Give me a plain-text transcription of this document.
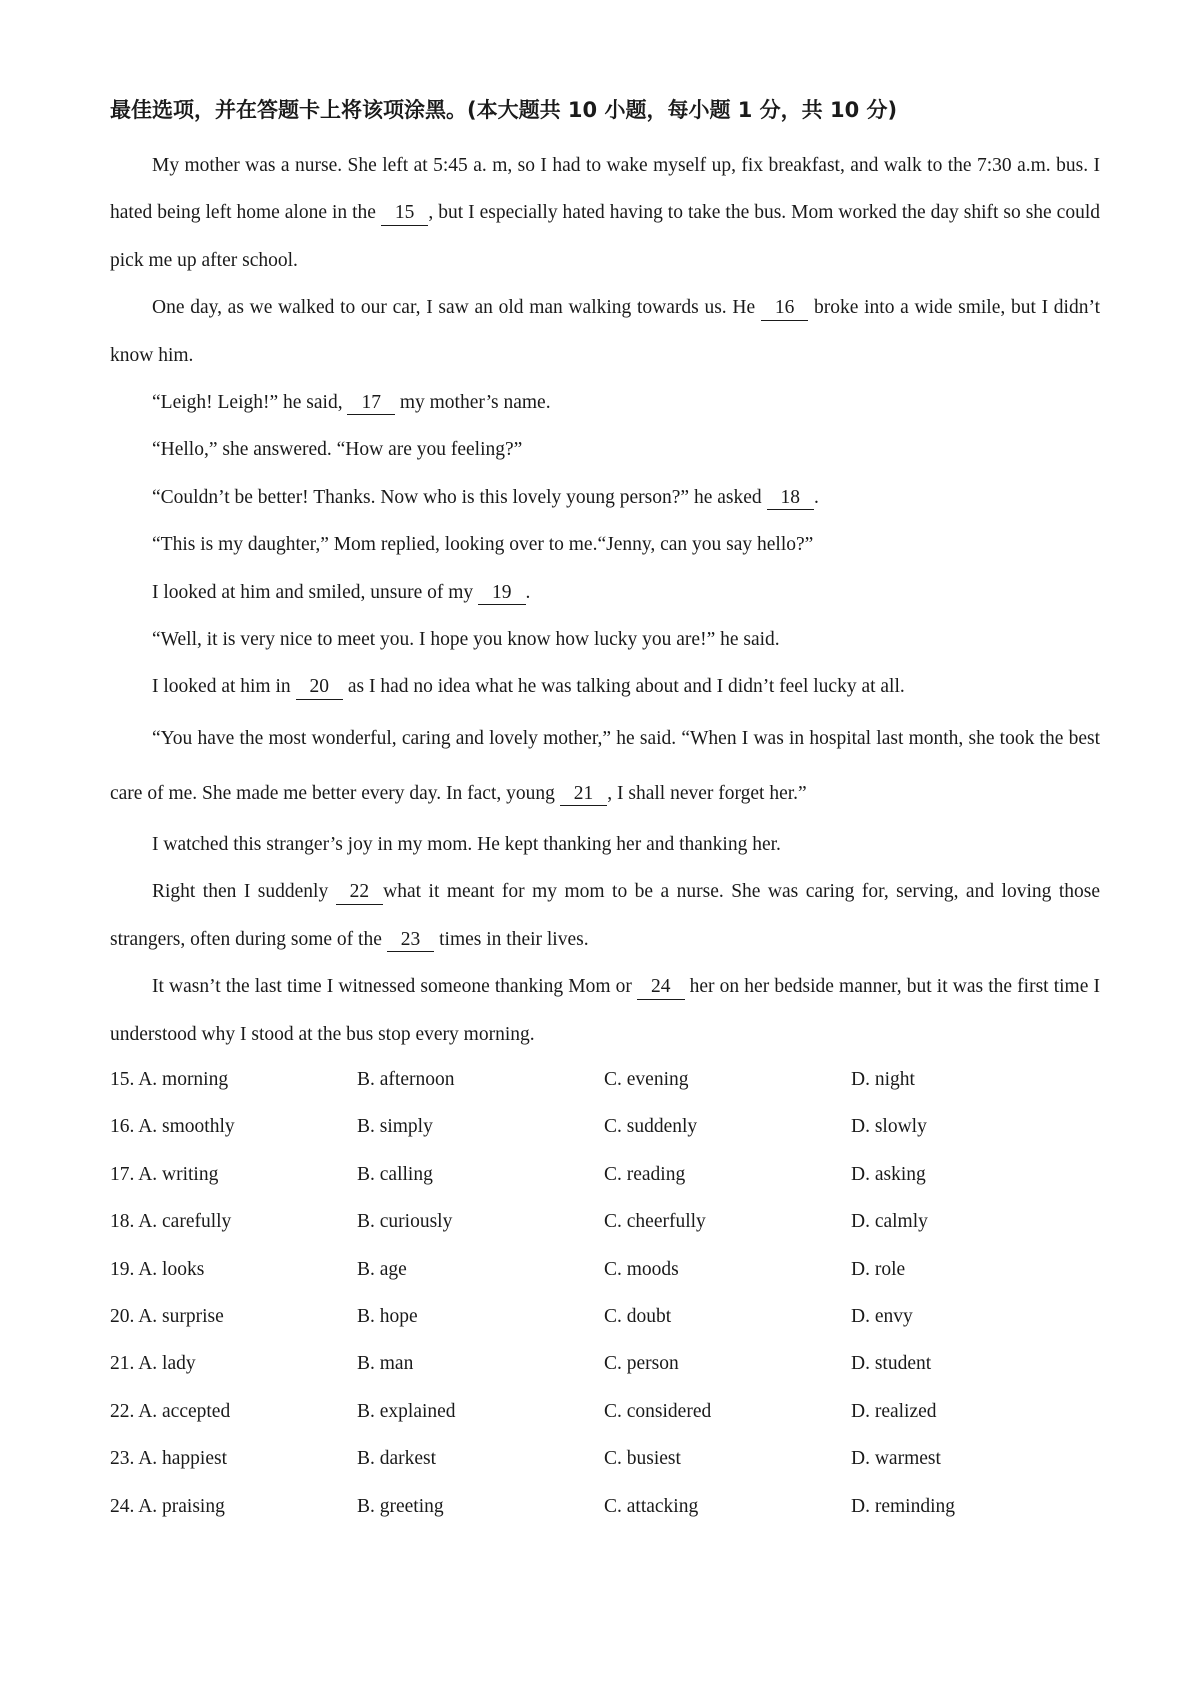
最佳选项，并在答题卡上将该项涂黑。(本大题共 10 小题，每小题 1 分，共 10 分)

My mother was a nurse. She left at 5:45 a. m, so I had to wake myself up, fix breakfast, and walk to the 7:30 a.m. bus. I hated being left home alone in the 15 , but I especially hated having to take the bus. Mom worked the day shift so she could pick me up after school.

One day, as we walked to our car, I saw an old man walking towards us. He 16 broke into a wide smile, but I didn’t know him.

“Leigh! Leigh!” he said, 17 my mother’s name.

“Hello,” she answered. “How are you feeling?”

“Couldn’t be better! Thanks. Now who is this lovely young person?” he asked 18 .

“This is my daughter,” Mom replied, looking over to me.“Jenny, can you say hello?”

I looked at him and smiled, unsure of my 19 .

“Well, it is very nice to meet you. I hope you know how lucky you are!” he said.

I looked at him in 20 as I had no idea what he was talking about and I didn’t feel lucky at all.

“You have the most wonderful, caring and lovely mother,” he said. “When I was in hospital last month, she took the best care of me. She made me better every day. In fact, young 21 , I shall never forget her.”

I watched this stranger’s joy in my mom. He kept thanking her and thanking her.

Right then I suddenly 22 what it meant for my mom to be a nurse. She was caring for, serving, and loving those strangers, often during some of the 23 times in their lives.

It wasn’t the last time I witnessed someone thanking Mom or 24 her on her bedside manner, but it was the first time I understood why I stood at the bus stop every morning.

15. A. morning	B. afternoon	C. evening	D. night
16. A. smoothly	B. simply	C. suddenly	D. slowly
17. A. writing	B. calling	C. reading	D. asking
18. A. carefully	B. curiously	C. cheerfully	D. calmly
19. A. looks	B. age	C. moods	D. role
20. A. surprise	B. hope	C. doubt	D. envy
21. A. lady	B. man	C. person	D. student
22. A. accepted	B. explained	C. considered	D. realized
23. A. happiest	B. darkest	C. busiest	D. warmest
24. A. praising	B. greeting	C. attacking	D. reminding
